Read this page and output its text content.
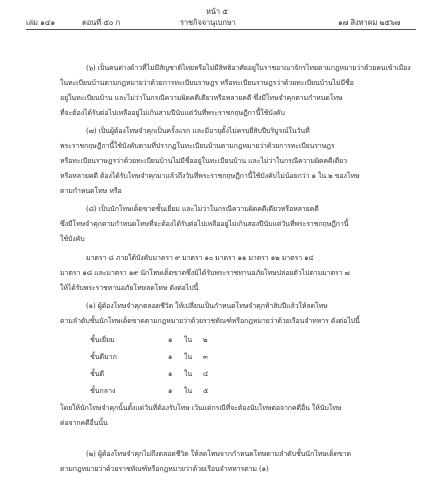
หน้า ๕
เล่ม ๑๔๑	ตอนที่ ๕๐ ก	ราชกิจจานุเบกษา	๑๗ สิงหาคม ๒๕๖๗
(๖) เป็นคนต่างด้าวที่ไม่มีสัญชาติไทยหรือไม่มีสิทธิอาศัยอยู่ในราชอาณาจักรไทยตามกฎหมายว่าด้วยคนเข้าเมือง
ในทะเบียนบ้านตามกฎหมายว่าด้วยการทะเบียนราษฎร หรือทะเบียนราษฎรว่าด้วยทะเบียนบ้านไม่มีชื่อ
อยู่ในทะเบียนบ้าน และไม่ว่าในกรณีความผิดคดีเดียวหรือหลายคดี ซึ่งมีโทษจำคุกตามกำหนดโทษ
ที่จะต้องได้รับต่อไปเหลืออยู่ไม่เกินสามปีนับแต่วันที่พระราชกฤษฎีกานี้ใช้บังคับ
(๗) เป็นผู้ต้องโทษจำคุกเป็นครั้งแรก และมีอายุตั้งไม่ครบยี่สิบปีบริบูรณ์ในวันที่
พระราชกฤษฎีกานี้ใช้บังคับตามที่ปรากฏในทะเบียนบ้านตามกฎหมายว่าด้วยการทะเบียนราษฎร
หรือทะเบียนราษฎรว่าด้วยทะเบียนบ้านไม่มีชื่ออยู่ในทะเบียนบ้าน และไม่ว่าในกรณีความผิดคดีเดียว
หรือหลายคดี ต้องได้รับโทษจำคุกมาแล้วถึงวันที่พระราชกฤษฎีกานี้ใช้บังคับไม่น้อยกว่า ๑ ใน ๒ ของโทษ
ตามกำหนดโทษ หรือ
(๘) เป็นนักโทษเด็ดขาดชั้นเยี่ยม และไม่ว่าในกรณีความผิดคดีเดียวหรือหลายคดี
ซึ่งมีโทษจำคุกตามกำหนดโทษที่จะต้องได้รับต่อไปเหลืออยู่ไม่เกินสองปีนับแต่วันที่พระราชกฤษฎีกานี้
ใช้บังคับ
มาตรา ๘ ภายใต้บังคับมาตรา ๙ มาตรา ๑๐ มาตรา ๑๑ มาตรา ๑๒ มาตรา ๑๔
มาตรา ๑๘ และมาตรา ๑๙ นักโทษเด็ดขาดซึ่งมิได้รับพระราชทานอภัยโทษปล่อยตัวไปตามมาตรา ๗
ให้ได้รับพระราชทานอภัยโทษลดโทษ ดังต่อไปนี้
(๑) ผู้ต้องโทษจำคุกตลอดชีวิต ให้เปลี่ยนเป็นกำหนดโทษจำคุกห้าสิบปีแล้วให้ลดโทษ
ตามลำดับชั้นนักโทษเด็ดขาดตามกฎหมายว่าด้วยราชทัณฑ์หรือกฎหมายว่าด้วยเรือนจำทหาร ดังต่อไปนี้
ชั้นเยี่ยม	๑ ใน ๒
ชั้นดีมาก	๑ ใน ๓
ชั้นดี	๑ ใน ๔
ชั้นกลาง	๑ ใน ๕
โดยให้นักโทษจำคุกนั้นตั้งแต่วันที่ต้องรับโทษ เว้นแต่กรณีที่จะต้องนับโทษต่อจากคดีอื่น ให้นับโทษ
ต่อจากคดีอื่นนั้น
(๒) ผู้ต้องโทษจำคุกไม่ถึงตลอดชีวิต ให้ลดโทษจากกำหนดโทษตามลำดับชั้นนักโทษเด็ดขาด
ตามกฎหมายว่าด้วยราชทัณฑ์หรือกฎหมายว่าด้วยเรือนจำทหารตาม (๑)
